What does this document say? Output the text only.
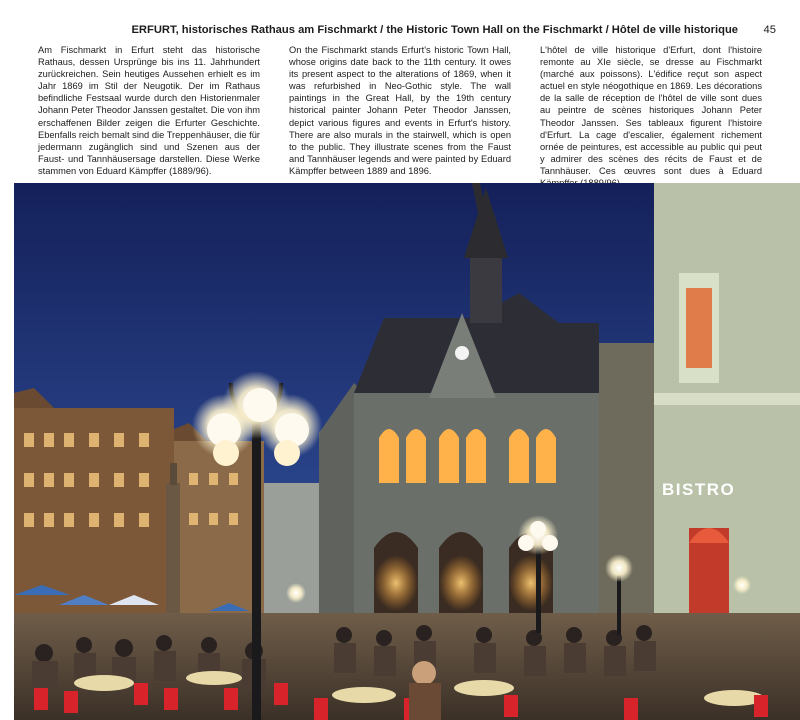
ERFURT, historisches Rathaus am Fischmarkt / the Historic Town Hall on the Fischmarkt / Hôtel de ville historique 45
Am Fischmarkt in Erfurt steht das historische Rathaus, dessen Ursprünge bis ins 11. Jahrhundert zurückreichen. Sein heutiges Aussehen erhielt es im Jahr 1869 im Stil der Neugotik. Der im Rathaus befindliche Festsaal wurde durch den Historienmaler Johann Peter Theodor Janssen gestaltet. Die von ihm erschaffenen Bilder zeigen die Erfurter Geschichte. Ebenfalls reich bemalt sind die Treppenhäuser, die für jedermann zugänglich sind und Szenen aus der Faust- und Tannhäusersage darstellen. Diese Werke stammen von Eduard Kämpffer (1889/96).
On the Fischmarkt stands Erfurt's historic Town Hall, whose origins date back to the 11th century. It owes its present aspect to the alterations of 1869, when it was refurbished in Neo-Gothic style. The wall paintings in the Great Hall, by the 19th century historical painter Johann Peter Theodor Janssen, depict various figures and events in Erfurt's history. There are also murals in the stairwell, which is open to the public. They illustrate scenes from the Faust and Tannhäuser legends and were painted by Eduard Kämpffer between 1889 and 1896.
L'hôtel de ville historique d'Erfurt, dont l'histoire remonte au XIe siècle, se dresse au Fischmarkt (marché aux poissons). L'édifice reçut son aspect actuel en style néogothique en 1869. Les décorations de la salle de réception de l'hôtel de ville sont dues au peintre de scènes historiques Johann Peter Theodor Janssen. Ses tableaux figurent l'histoire d'Erfurt. La cage d'escalier, également richement ornée de peintures, est accessible au public qui peut y admirer des scènes des récits de Faust et de Tannhäuser. Ces œuvres sont dues à Eduard
BISTRO
